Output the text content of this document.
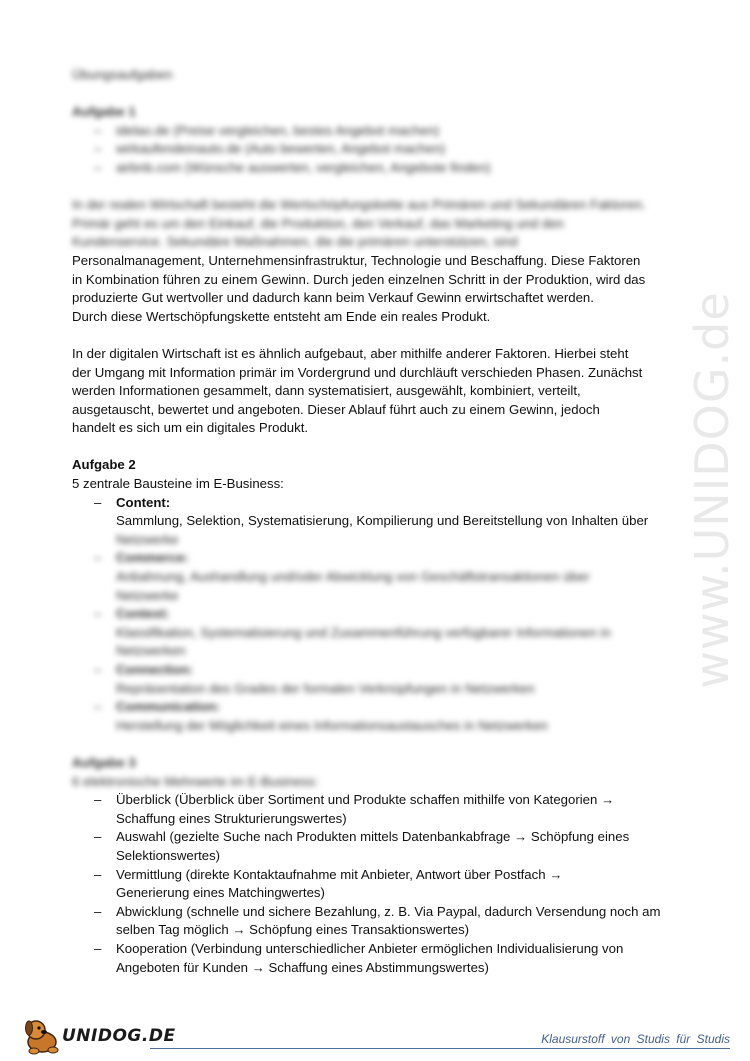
www.UNIDOG.de

Übungsaufgaben

Aufgabe 1

– idelao.de (Preise vergleichen, bestes Angebot machen)
– wirkaufendeinauto.de (Auto bewerten, Angebot machen)
– airbnb.com (Wünsche auswerten, vergleichen, Angebote finden)

In der realen Wirtschaft besteht die Wertschöpfungskette aus Primären und Sekundären Faktoren.

Primär geht es um den Einkauf, die Produktion, den Verkauf, das Marketing und den

Kundenservice. Sekundäre Maßnahmen, die die primären unterstützen, sind

Personalmanagement, Unternehmensinfrastruktur, Technologie und Beschaffung. Diese Faktoren

in Kombination führen zu einem Gewinn. Durch jeden einzelnen Schritt in der Produktion, wird das

produzierte Gut wertvoller und dadurch kann beim Verkauf Gewinn erwirtschaftet werden.

Durch diese Wertschöpfungskette entsteht am Ende ein reales Produkt.

In der digitalen Wirtschaft ist es ähnlich aufgebaut, aber mithilfe anderer Faktoren. Hierbei steht

der Umgang mit Information primär im Vordergrund und durchläuft verschieden Phasen. Zunächst

werden Informationen gesammelt, dann systematisiert, ausgewählt, kombiniert, verteilt,

ausgetauscht, bewertet und angeboten. Dieser Ablauf führt auch zu einem Gewinn, jedoch

handelt es sich um ein digitales Produkt.

Aufgabe 2

5 zentrale Bausteine im E-Business:

– Content:
Sammlung, Selektion, Systematisierung, Kompilierung und Bereitstellung von Inhalten über
Netzwerke
– Commerce:
Anbahnung, Aushandlung und/oder Abwicklung von Geschäftstransaktionen über
Netzwerke
– Context:
Klassifikation, Systematisierung und Zusammenführung verfügbarer Informationen in
Netzwerken
– Connection:
Repräsentation des Grades der formalen Verknüpfungen in Netzwerken
– Communication:
Herstellung der Möglichkeit eines Informationsaustausches in Netzwerken

Aufgabe 3

6 elektronische Mehrwerte im E-Business:

– Überblick (Überblick über Sortiment und Produkte schaffen mithilfe von Kategorien →
Schaffung eines Strukturierungswertes)
– Auswahl (gezielte Suche nach Produkten mittels Datenbankabfrage → Schöpfung eines
Selektionswertes)
– Vermittlung (direkte Kontaktaufnahme mit Anbieter, Antwort über Postfach →
Generierung eines Matchingwertes)
– Abwicklung (schnelle und sichere Bezahlung, z. B. Via Paypal, dadurch Versendung noch am
selben Tag möglich → Schöpfung eines Transaktionswertes)
– Kooperation (Verbindung unterschiedlicher Anbieter ermöglichen Individualisierung von
Angeboten für Kunden → Schaffung eines Abstimmungswertes)
UNIDOG.DE	Klausurstoff von Studis für Studis
